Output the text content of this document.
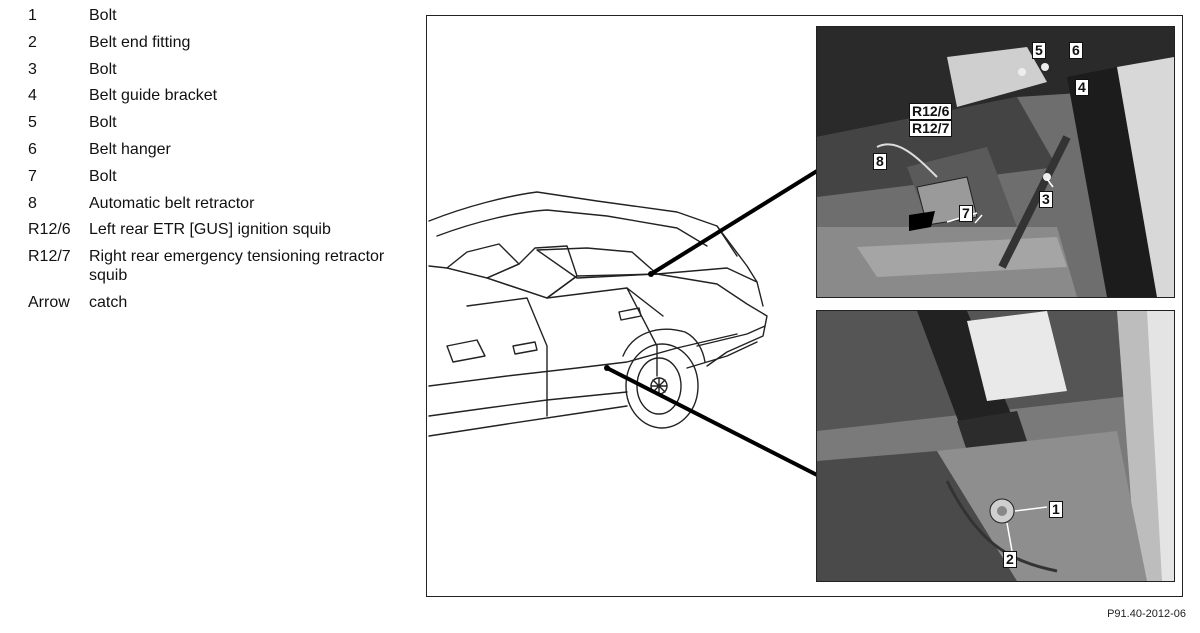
1	Bolt
2	Belt end fitting
3	Bolt
4	Belt guide bracket
5	Bolt
6	Belt hanger
7	Bolt
8	Automatic belt retractor
R12/6	Left rear ETR [GUS] ignition squib
R12/7	Right rear emergency tensioning retractor squib
Arrow	catch
5 6
4
3
8
7
R12/6
R12/7
1
2
P91.40-2012-06
